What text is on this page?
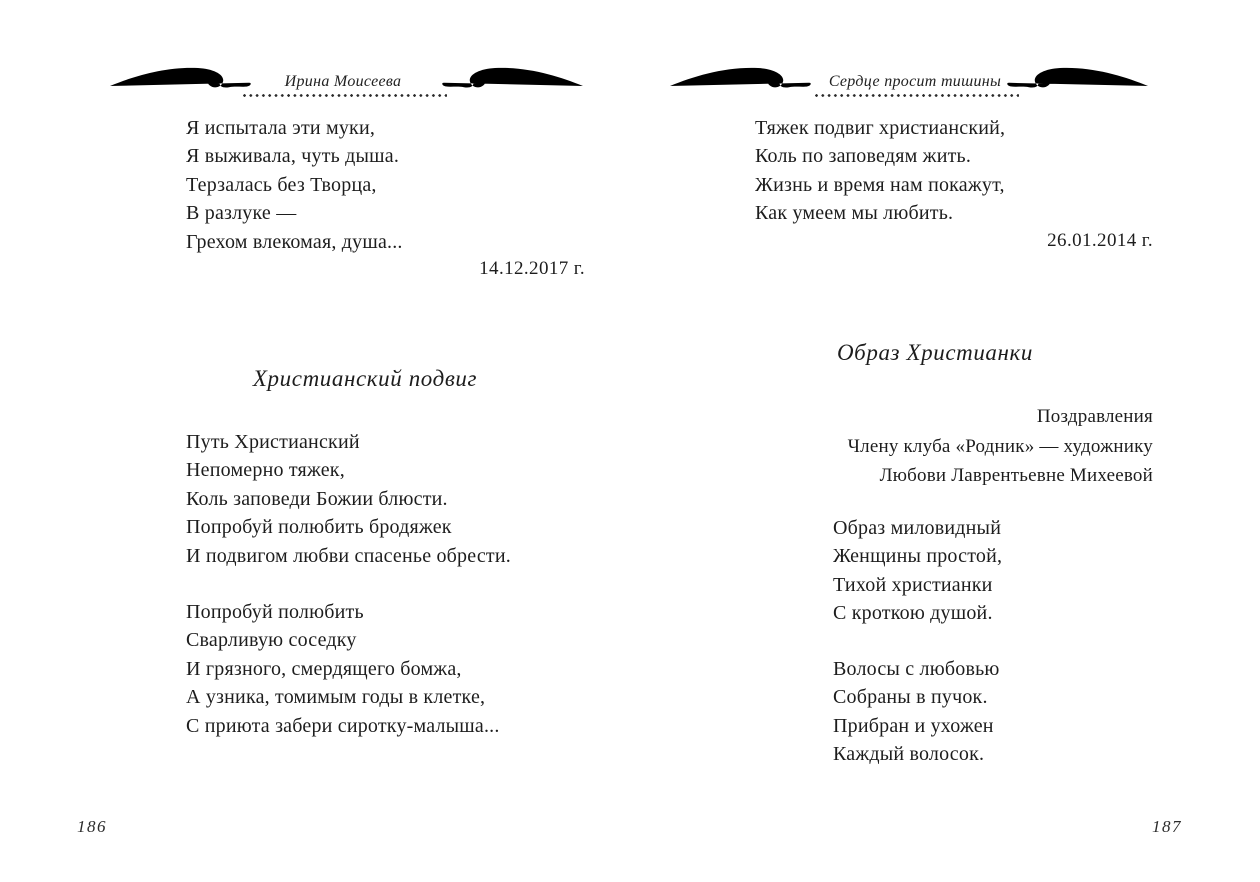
Ирина Моисеева
Я испытала эти муки,
Я выживала, чуть дыша.
Терзалась без Творца,
В разлуке —
Грехом влекомая, душа...
14.12.2017 г.
Христианский подвиг
Путь Христианский
Непомерно тяжек,
Коль заповеди Божии блюсти.
Попробуй полюбить бродяжек
И подвигом любви спасенье обрести.
Попробуй полюбить
Сварливую соседку
И грязного, смердящего бомжа,
А узника, томимым годы в клетке,
С приюта забери сиротку-малыша...
186
Сердце просит тишины
Тяжек подвиг христианский,
Коль по заповедям жить.
Жизнь и время нам покажут,
Как умеем мы любить.
26.01.2014 г.
Образ Христианки
Поздравления
Члену клуба «Родник» — художнику
Любови Лаврентьевне Михеевой
Образ миловидный
Женщины простой,
Тихой христианки
С кроткою душой.
Волосы с любовью
Собраны в пучок.
Прибран и ухожен
Каждый волосок.
187
